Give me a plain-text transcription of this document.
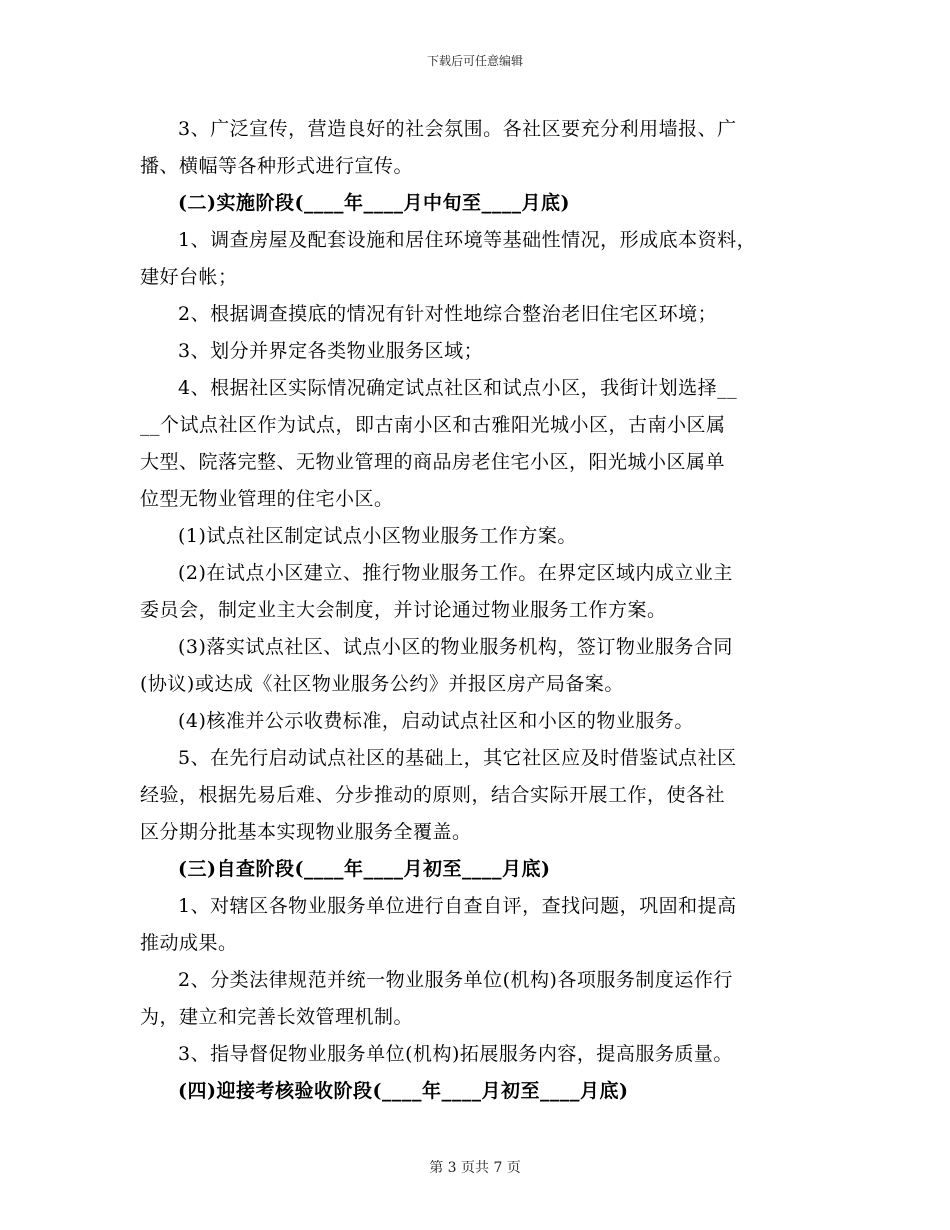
下载后可任意编辑
3、广泛宣传，营造良好的社会氛围。各社区要充分利用墙报、广
播、横幅等各种形式进行宣传。
(二)实施阶段(____年____月中旬至____月底)
1、调查房屋及配套设施和居住环境等基础性情况，形成底本资料，
建好台帐；
2、根据调查摸底的情况有针对性地综合整治老旧住宅区环境；
3、划分并界定各类物业服务区域；
4、根据社区实际情况确定试点社区和试点小区，我街计划选择__
__个试点社区作为试点，即古南小区和古雅阳光城小区，古南小区属
大型、院落完整、无物业管理的商品房老住宅小区，阳光城小区属单
位型无物业管理的住宅小区。
(1)试点社区制定试点小区物业服务工作方案。
(2)在试点小区建立、推行物业服务工作。在界定区域内成立业主
委员会，制定业主大会制度，并讨论通过物业服务工作方案。
(3)落实试点社区、试点小区的物业服务机构，签订物业服务合同
(协议)或达成《社区物业服务公约》并报区房产局备案。
(4)核准并公示收费标准，启动试点社区和小区的物业服务。
5、在先行启动试点社区的基础上，其它社区应及时借鉴试点社区
经验，根据先易后难、分步推动的原则，结合实际开展工作，使各社
区分期分批基本实现物业服务全覆盖。
(三)自查阶段(____年____月初至____月底)
1、对辖区各物业服务单位进行自查自评，查找问题，巩固和提高
推动成果。
2、分类法律规范并统一物业服务单位(机构)各项服务制度运作行
为，建立和完善长效管理机制。
3、指导督促物业服务单位(机构)拓展服务内容，提高服务质量。
(四)迎接考核验收阶段(____年____月初至____月底)
第 3 页共 7 页
